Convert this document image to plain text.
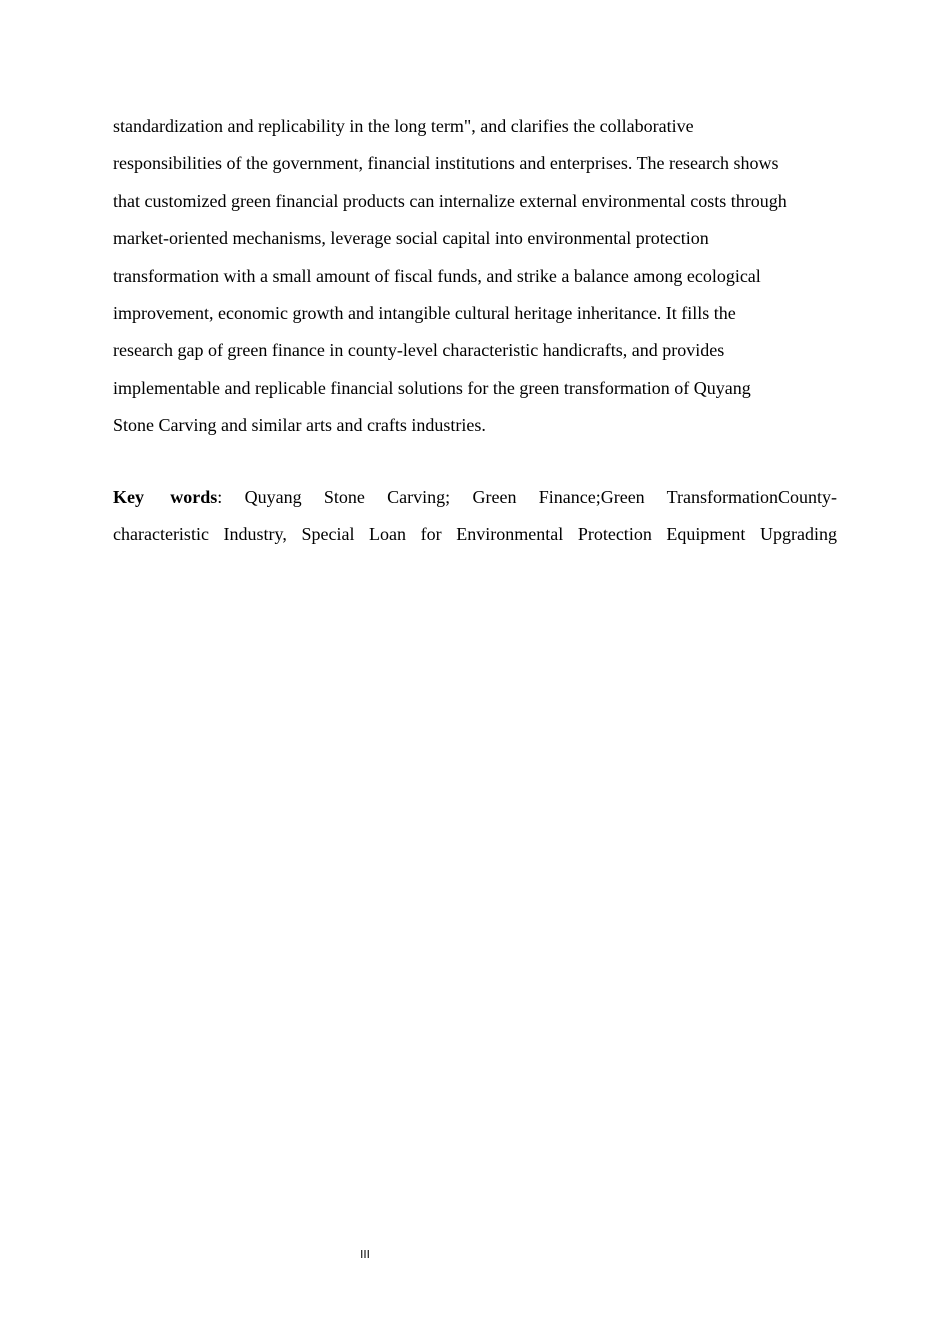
standardization and replicability in the long term", and clarifies the collaborative
responsibilities of the government, financial institutions and enterprises. The research shows
that customized green financial products can internalize external environmental costs through
market-oriented mechanisms, leverage social capital into environmental protection
transformation with a small amount of fiscal funds, and strike a balance among ecological
improvement, economic growth and intangible cultural heritage inheritance. It fills the
research gap of green finance in county-level characteristic handicrafts, and provides
implementable and replicable financial solutions for the green transformation of Quyang
Stone Carving and similar arts and crafts industries.
Key words: Quyang Stone Carving; Green Finance;Green TransformationCounty-
characteristic Industry, Special Loan for Environmental Protection Equipment Upgrading
III
